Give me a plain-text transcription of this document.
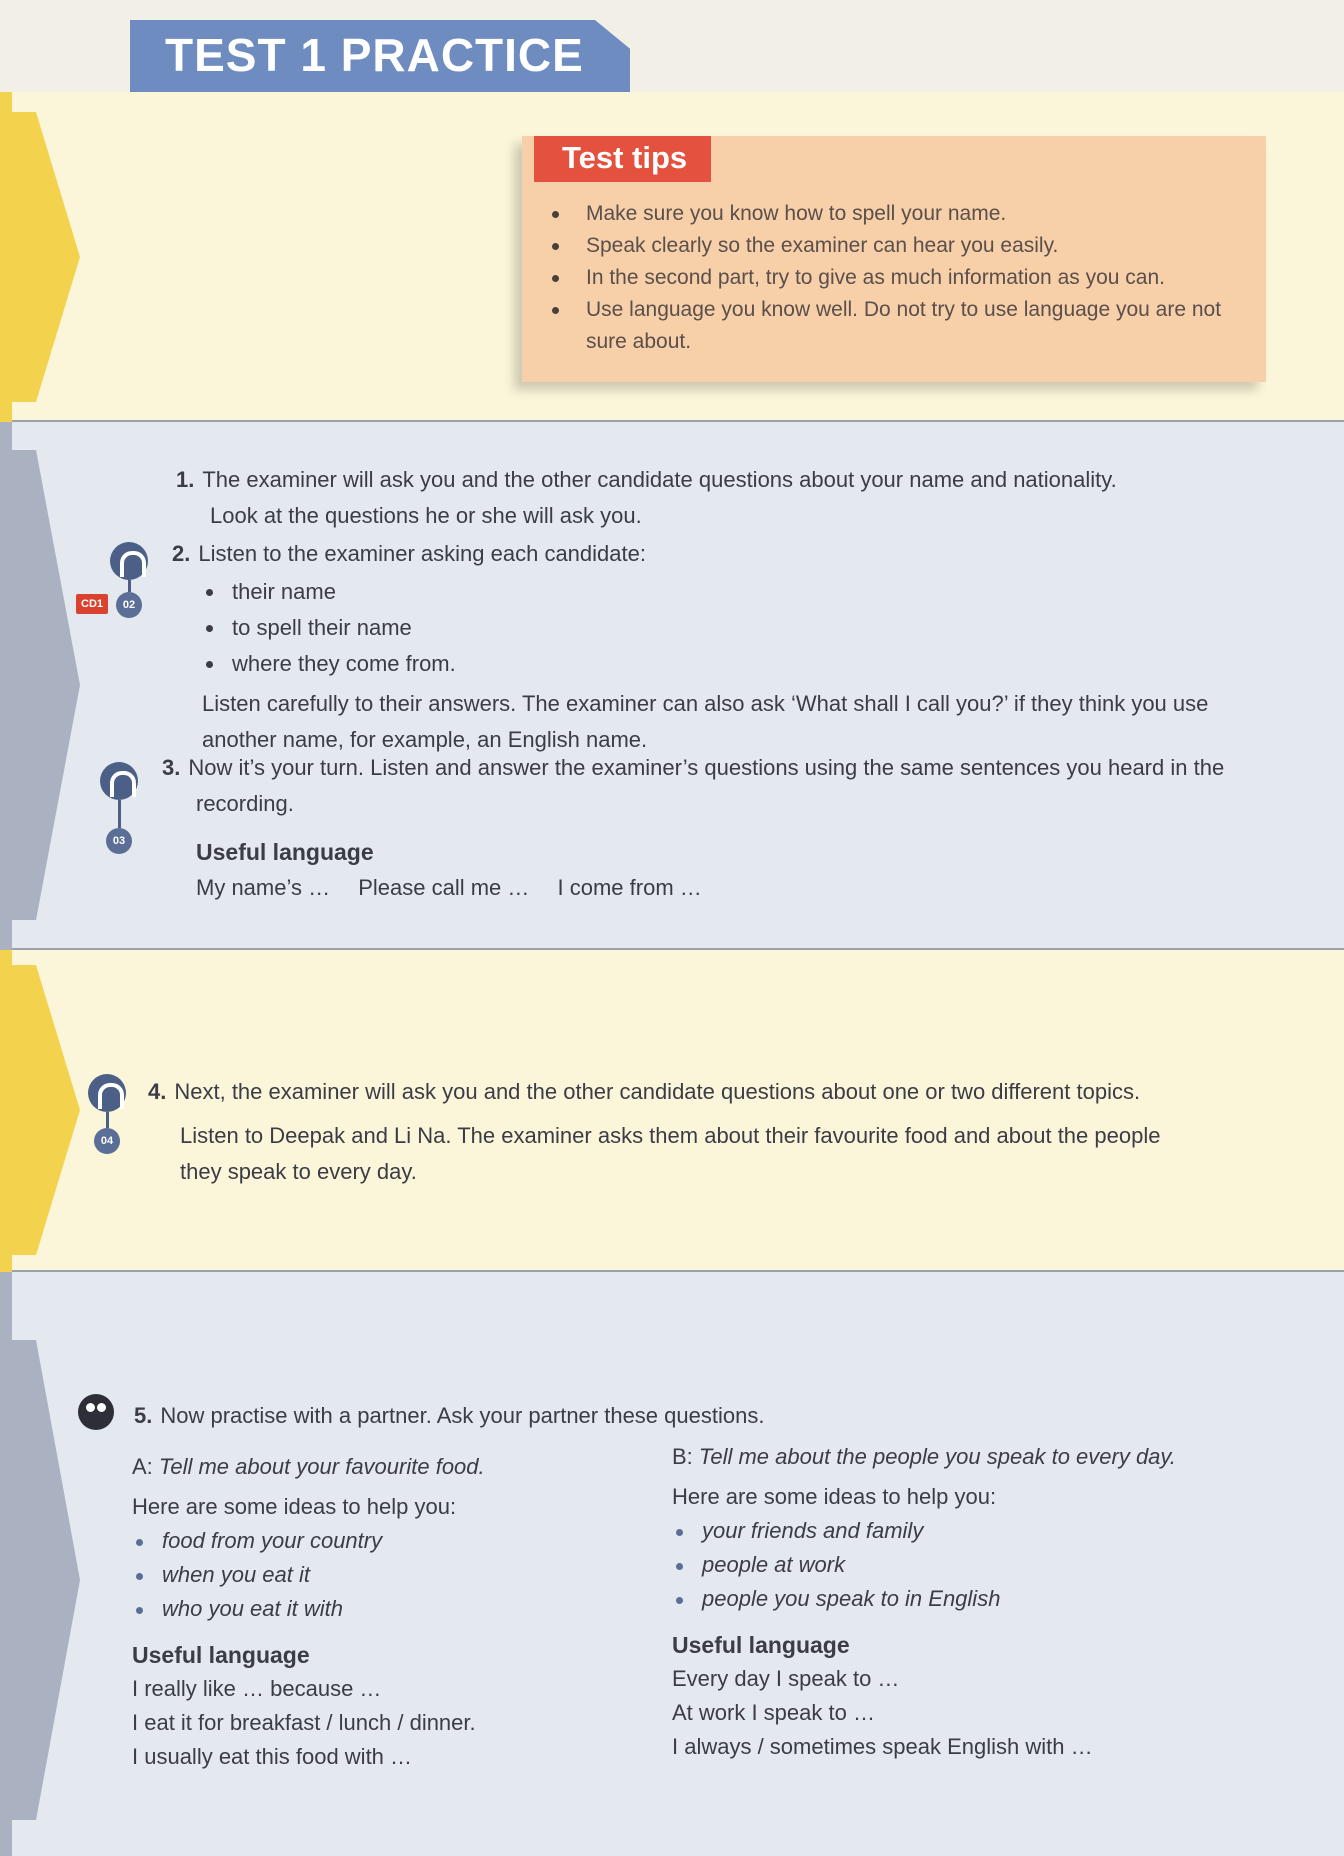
TEST 1 PRACTICE
Test tips
Make sure you know how to spell your name.
Speak clearly so the examiner can hear you easily.
In the second part, try to give as much information as you can.
Use language you know well. Do not try to use language you are not sure about.
1. The examiner will ask you and the other candidate questions about your name and nationality.
Look at the questions he or she will ask you.
02
CD1
2. Listen to the examiner asking each candidate:
their name
to spell their name
where they come from.
Listen carefully to their answers. The examiner can also ask ‘What shall I call you?’ if they think you use another name, for example, an English name.
03
3. Now it’s your turn. Listen and answer the examiner’s questions using the same sentences you heard in the recording.
Useful language
My name’s … Please call me … I come from …
04
4. Next, the examiner will ask you and the other candidate questions about one or two different topics.
Listen to Deepak and Li Na. The examiner asks them about their favourite food and about the people they speak to every day.
5. Now practise with a partner. Ask your partner these questions.
A: Tell me about your favourite food.
Here are some ideas to help you:
food from your country
when you eat it
who you eat it with
Useful language
I really like … because …
I eat it for breakfast / lunch / dinner.
I usually eat this food with …
B: Tell me about the people you speak to every day.
Here are some ideas to help you:
your friends and family
people at work
people you speak to in English
Useful language
Every day I speak to …
At work I speak to …
I always / sometimes speak English with …
